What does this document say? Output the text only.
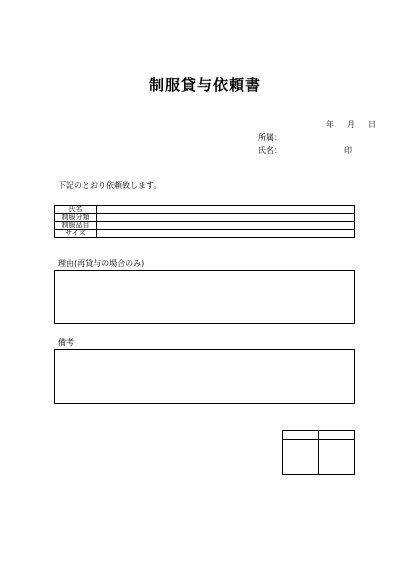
制服貸与依頼書
年 月 日
所属：
氏名：	印
下記のとおり依頼致します。
氏名	
制服分類	
制服品目	
サイズ	
理由(再貸与の場合のみ)
備考
